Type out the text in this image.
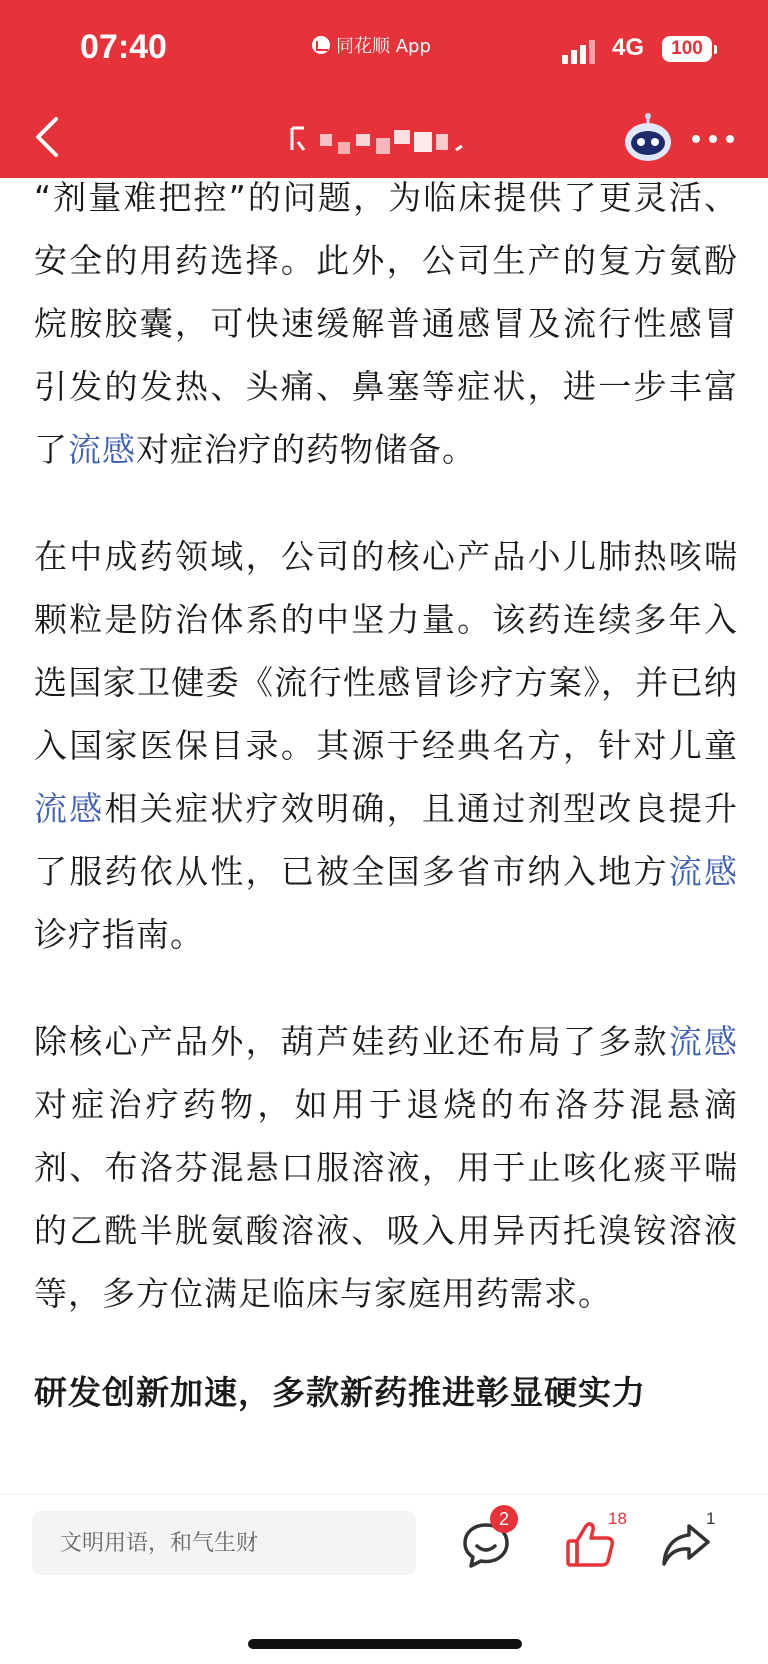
07:40	同花顺 App	4G	100

“剂量难把控”的问题，为临床提供了更灵活、安全的用药选择。此外，公司生产的复方氨酚烷胺胶囊，可快速缓解普通感冒及流行性感冒引发的发热、头痛、鼻塞等症状，进一步丰富了流感对症治疗的药物储备。

在中成药领域，公司的核心产品小儿肺热咳喘颗粒是防治体系的中坚力量。该药连续多年入选国家卫健委《流行性感冒诊疗方案》，并已纳入国家医保目录。其源于经典名方，针对儿童流感相关症状疗效明确，且通过剂型改良提升了服药依从性，已被全国多省市纳入地方流感诊疗指南。

除核心产品外，葫芦娃药业还布局了多款流感对症治疗药物，如用于退烧的布洛芬混悬滴剂、布洛芬混悬口服溶液，用于止咳化痰平喘的乙酰半胱氨酸溶液、吸入用异丙托溴铵溶液等，多方位满足临床与家庭用药需求。

研发创新加速，多款新药推进彰显硬实力

文明用语，和气生财
2	18	1
